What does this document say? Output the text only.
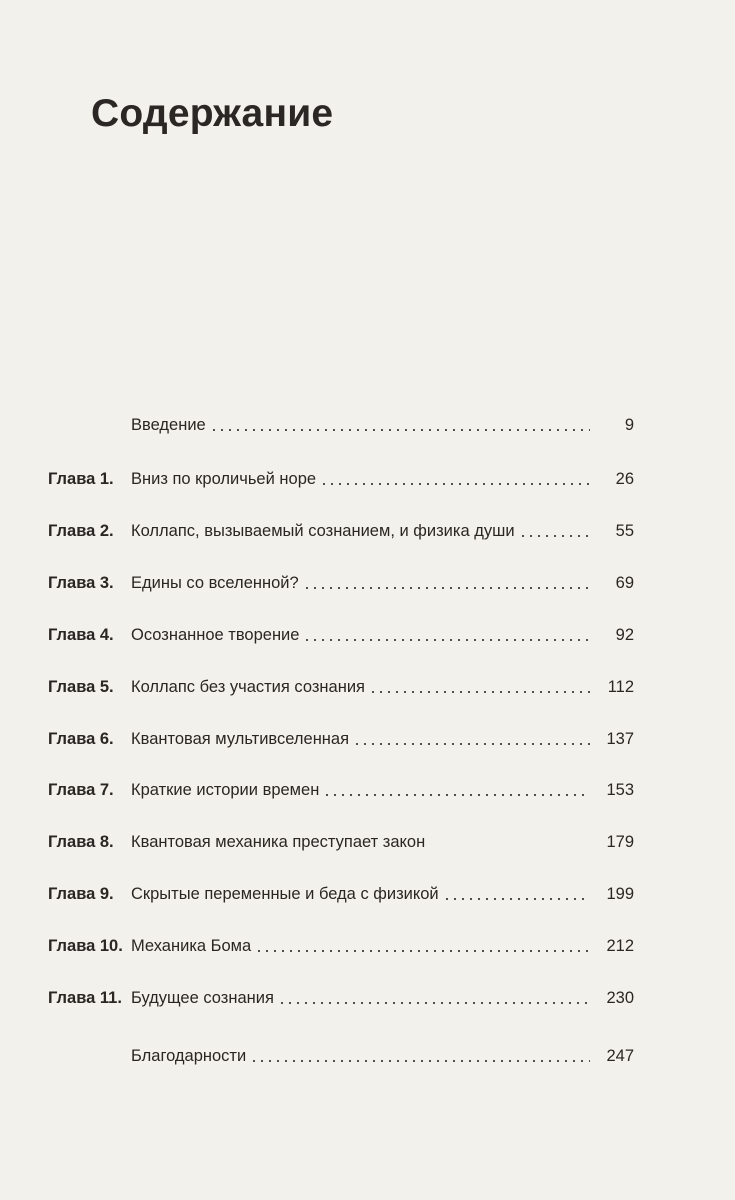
Содержание
Введение	9
Глава 1. Вниз по кроличьей норе	26
Глава 2. Коллапс, вызываемый сознанием, и физика души	55
Глава 3. Едины со вселенной?	69
Глава 4. Осознанное творение	92
Глава 5. Коллапс без участия сознания	112
Глава 6. Квантовая мультивселенная	137
Глава 7. Краткие истории времен	153
Глава 8. Квантовая механика преступает закон	179
Глава 9. Скрытые переменные и беда с физикой	199
Глава 10. Механика Бома	212
Глава 11. Будущее сознания	230
Благодарности	247
